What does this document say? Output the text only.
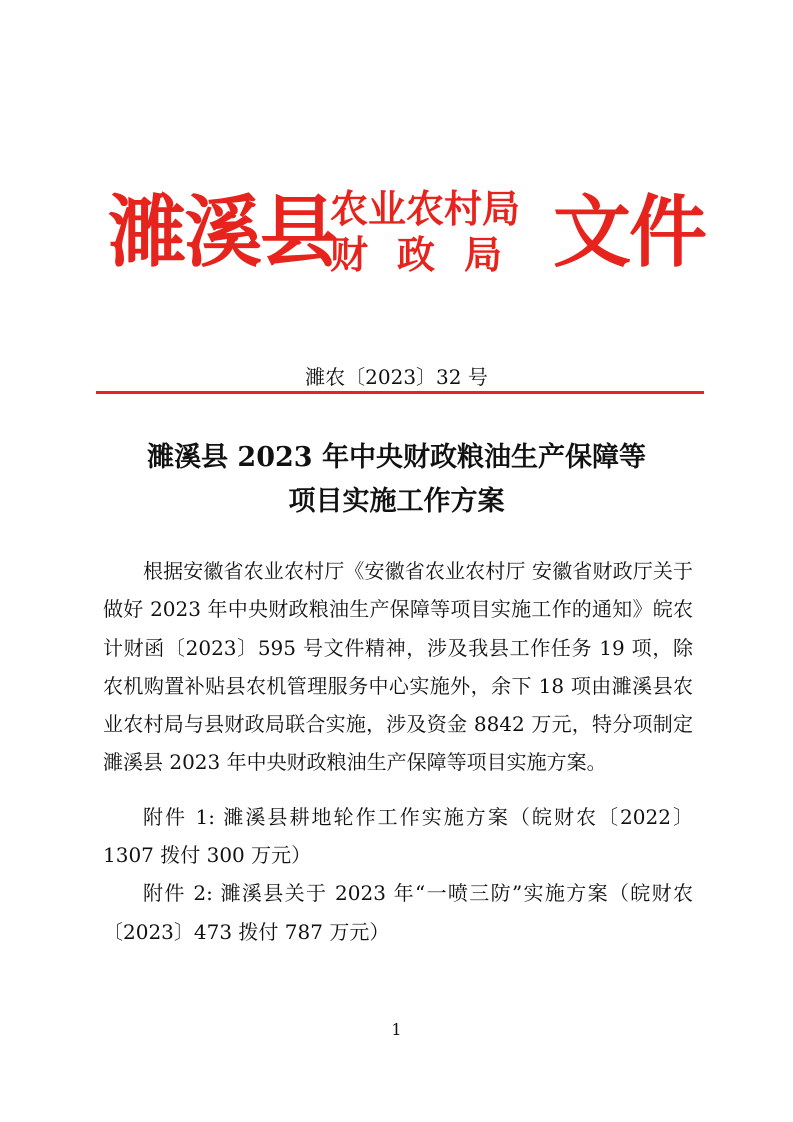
濉溪县
农业农村局
财政局 文件
濉农〔2023〕32 号
濉溪县 2023 年中央财政粮油生产保障等
项目实施工作方案

根据安徽省农业农村厅《安徽省农业农村厅 安徽省财政厅关于做好 2023 年中央财政粮油生产保障等项目实施工作的通知》皖农计财函〔2023〕595 号文件精神，涉及我县工作任务 19 项，除农机购置补贴县农机管理服务中心实施外，余下 18 项由濉溪县农业农村局与县财政局联合实施，涉及资金 8842 万元，特分项制定濉溪县 2023 年中央财政粮油生产保障等项目实施方案。

附件 1: 濉溪县耕地轮作工作实施方案（皖财农〔2022〕1307 拨付 300 万元）

附件 2: 濉溪县关于 2023 年“一喷三防”实施方案（皖财农〔2023〕473 拨付 787 万元）

1
